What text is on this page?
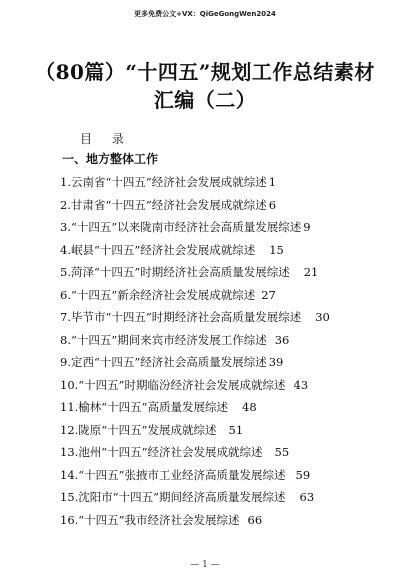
更多免费公文+VX：QiGeGongWen2024
（80篇）“十四五”规划工作总结素材
汇编（二）
目 录
一、地方整体工作
1.云南省“十四五”经济社会发展成就综述 1
2.甘肃省“十四五”经济社会发展成就综述 6
3.“十四五”以来陇南市经济社会高质量发展综述 9
4.岷县“十四五”经济社会发展成就综述 15
5.菏泽“十四五”时期经济社会高质量发展综述 21
6.“十四五”新余经济社会发展成就综述 27
7.毕节市“十四五”时期经济社会高质量发展综述 30
8.“十四五”期间来宾市经济发展工作综述 36
9.定西“十四五”经济社会高质量发展综述 39
10.“十四五”时期临汾经济社会发展成就综述 43
11.榆林“十四五”高质量发展综述 48
12.陇原“十四五”发展成就综述 51
13.池州“十四五”经济社会发展成就综述 55
14.“十四五”张掖市工业经济高质量发展综述 59
15.沈阳市“十四五”期间经济高质量发展综述 63
16.“十四五”我市经济社会发展综述 66
— 1 —
